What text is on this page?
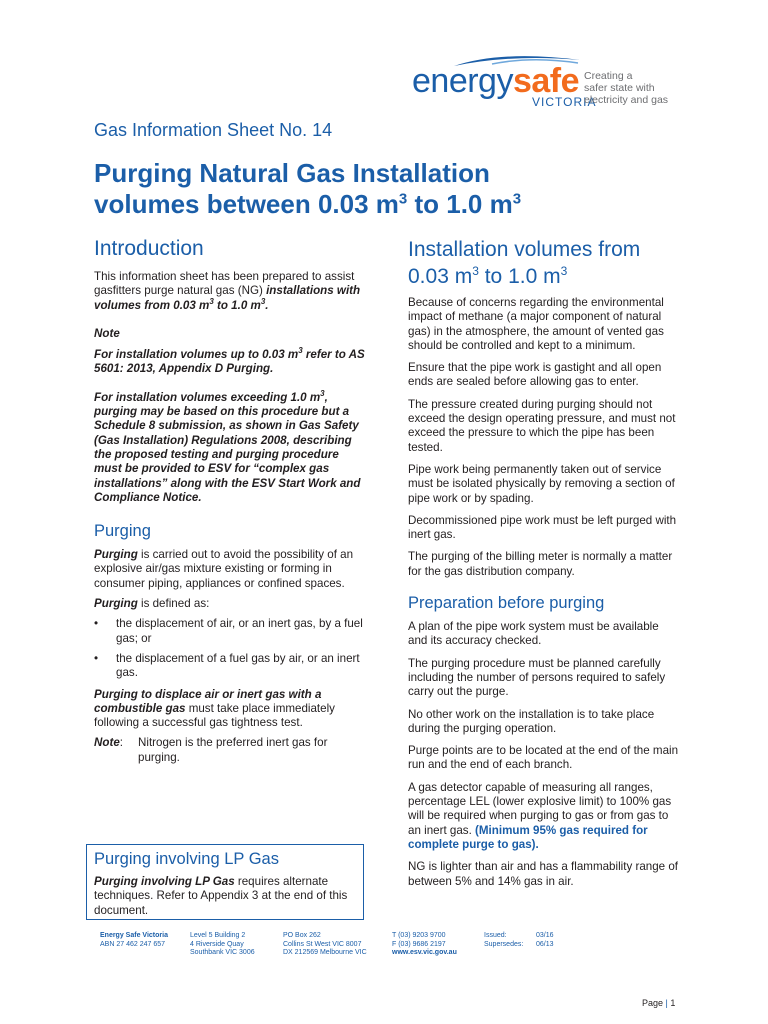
energysafe
VICTORIA
Creating a
safer state with
electricity and gas
Gas Information Sheet No. 14
Purging Natural Gas Installation
volumes between 0.03 $m^3$ to 1.0 $m^3$
Introduction

This information sheet has been prepared to assist gasfitters purge natural gas (NG) installations with volumes from 0.03 $m^3$ to 1.0 $m^3$.

Note

For installation volumes up to 0.03 $m^3$ refer to AS 5601: 2013, Appendix D Purging.

For installation volumes exceeding 1.0 $m^3$, purging may be based on this procedure but a Schedule 8 submission, as shown in Gas Safety (Gas Installation) Regulations 2008, describing the proposed testing and purging procedure must be provided to ESV for “complex gas installations” along with the ESV Start Work and Compliance Notice.

Purging

Purging is carried out to avoid the possibility of an explosive air/gas mixture existing or forming in consumer piping, appliances or confined spaces.

Purging is defined as:

• the displacement of air, or an inert gas, by a fuel gas; or
• the displacement of a fuel gas by air, or an inert gas.

Purging to displace air or inert gas with a combustible gas must take place immediately following a successful gas tightness test.

Note: Nitrogen is the preferred inert gas for purging.
Purging involving LP Gas

Purging involving LP Gas requires alternate techniques. Refer to Appendix 3 at the end of this document.

Installation volumes from
0.03 $m^3$ to 1.0 $m^3$

Because of concerns regarding the environmental impact of methane (a major component of natural gas) in the atmosphere, the amount of vented gas should be controlled and kept to a minimum.

Ensure that the pipe work is gastight and all open ends are sealed before allowing gas to enter.

The pressure created during purging should not exceed the design operating pressure, and must not exceed the pressure to which the pipe has been tested.

Pipe work being permanently taken out of service must be isolated physically by removing a section of pipe work or by spading.

Decommissioned pipe work must be left purged with inert gas.

The purging of the billing meter is normally a matter for the gas distribution company.

Preparation before purging

A plan of the pipe work system must be available and its accuracy checked.

The purging procedure must be planned carefully including the number of persons required to safely carry out the purge.

No other work on the installation is to take place during the purging operation.

Purge points are to be located at the end of the main run and the end of each branch.

A gas detector capable of measuring all ranges, percentage LEL (lower explosive limit) to 100% gas will be required when purging to gas or from gas to an inert gas. (Minimum 95% gas required for complete purge to gas).

NG is lighter than air and has a flammability range of between 5% and 14% gas in air.

Energy Safe Victoria
ABN 27 462 247 657
Level 5 Building 2
4 Riverside Quay
Southbank VIC 3006
PO Box 262
Collins St West VIC 8007
DX 212569 Melbourne VIC
T (03) 9203 9700
F (03) 9686 2197
www.esv.vic.gov.au
Issued:
Supersedes:
03/16
06/13
Page | 1
